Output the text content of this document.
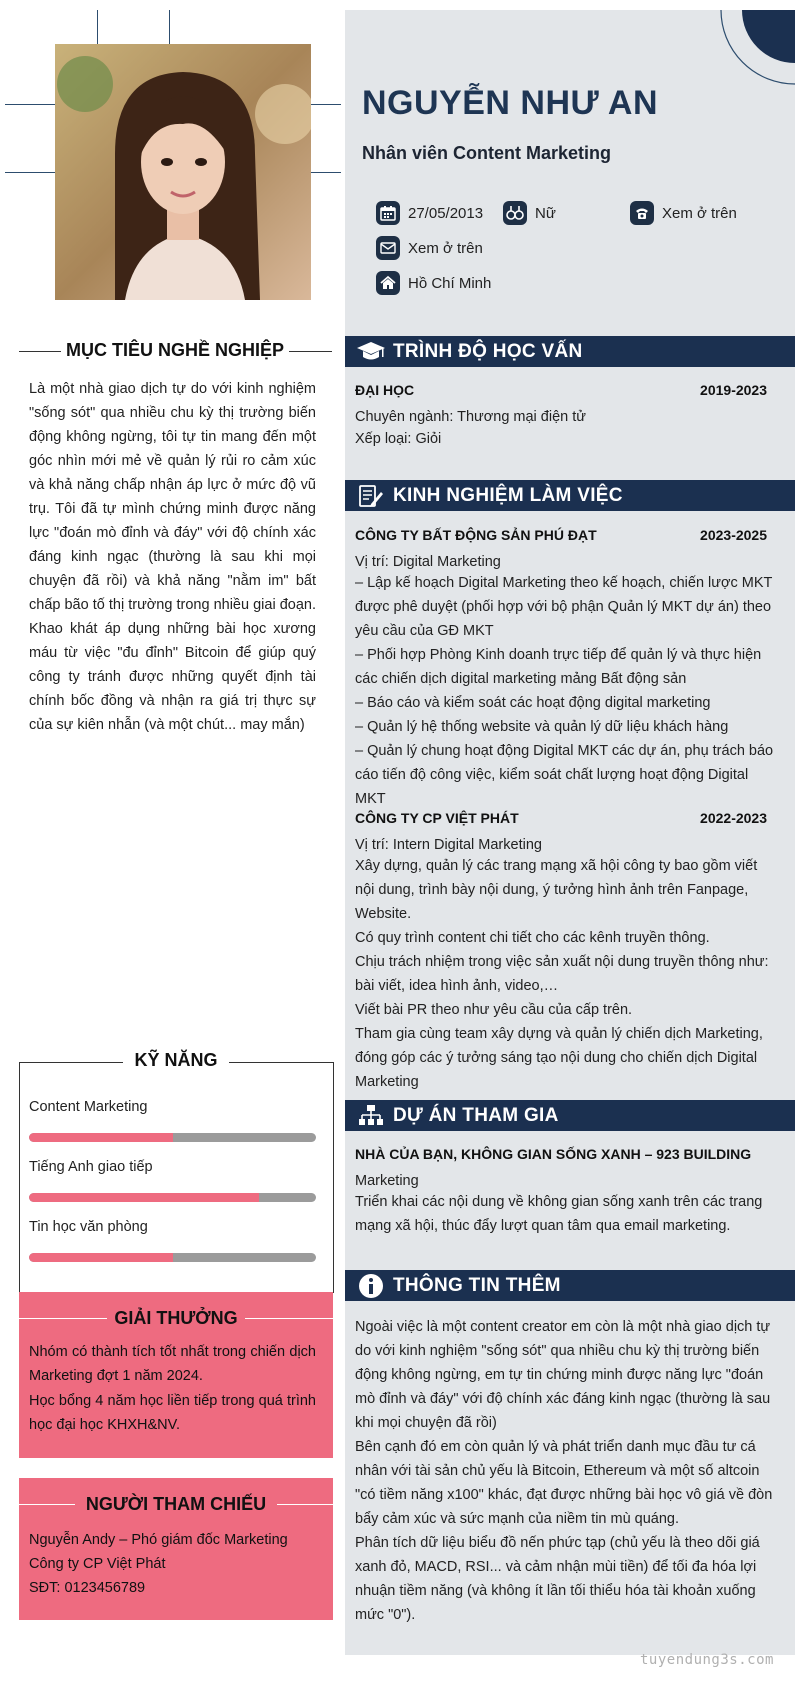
NGUYỄN NHƯ AN
Nhân viên Content Marketing
27/05/2013	Nữ	Xem ở trên
Xem ở trên
Hồ Chí Minh
MỤC TIÊU NGHỀ NGHIỆP
Là một nhà giao dịch tự do với kinh nghiệm "sống sót" qua nhiều chu kỳ thị trường biến động không ngừng, tôi tự tin mang đến một góc nhìn mới mẻ về quản lý rủi ro cảm xúc và khả năng chấp nhận áp lực ở mức độ vũ trụ. Tôi đã tự mình chứng minh được năng lực "đoán mò đỉnh và đáy" với độ chính xác đáng kinh ngạc (thường là sau khi mọi chuyện đã rồi) và khả năng "nằm im" bất chấp bão tố thị trường trong nhiều giai đoạn. Khao khát áp dụng những bài học xương máu từ việc "đu đỉnh" Bitcoin để giúp quý công ty tránh được những quyết định tài chính bốc đồng và nhận ra giá trị thực sự của sự kiên nhẫn (và một chút... may mắn)
KỸ NĂNG
Content Marketing
Tiếng Anh giao tiếp
Tin học văn phòng
GIẢI THƯỞNG
Nhóm có thành tích tốt nhất trong chiến dịch Marketing đợt 1 năm 2024.
Học bổng 4 năm học liền tiếp trong quá trình học đại học KHXH&NV.
NGƯỜI THAM CHIẾU
Nguyễn Andy – Phó giám đốc Marketing
Công ty CP Việt Phát
SĐT: 0123456789
TRÌNH ĐỘ HỌC VẤN
ĐẠI HỌC	2019-2023
Chuyên ngành: Thương mại điện tử
Xếp loại: Giỏi
KINH NGHIỆM LÀM VIỆC
CÔNG TY BẤT ĐỘNG SẢN PHÚ ĐẠT	2023-2025
Vị trí: Digital Marketing
– Lập kế hoạch Digital Marketing theo kế hoạch, chiến lược MKT được phê duyệt (phối hợp với bộ phận Quản lý MKT dự án) theo yêu cầu của GĐ MKT
– Phối hợp Phòng Kinh doanh trực tiếp để quản lý và thực hiện các chiến dịch digital marketing mảng Bất động sản
– Báo cáo và kiểm soát các hoạt động digital marketing
– Quản lý hệ thống website và quản lý dữ liệu khách hàng
– Quản lý chung hoạt động Digital MKT các dự án, phụ trách báo cáo tiến độ công việc, kiểm soát chất lượng hoạt động Digital MKT
CÔNG TY CP VIỆT PHÁT	2022-2023
Vị trí: Intern Digital Marketing
Xây dựng, quản lý các trang mạng xã hội công ty bao gồm viết nội dung, trình bày nội dung, ý tưởng hình ảnh trên Fanpage, Website.
Có quy trình content chi tiết cho các kênh truyền thông.
Chịu trách nhiệm trong việc sản xuất nội dung truyền thông như: bài viết, idea hình ảnh, video,…
Viết bài PR theo như yêu cầu của cấp trên.
Tham gia cùng team xây dựng và quản lý chiến dịch Marketing, đóng góp các ý tưởng sáng tạo nội dung cho chiến dịch Digital Marketing
DỰ ÁN THAM GIA
NHÀ CỦA BẠN, KHÔNG GIAN SỐNG XANH – 923 BUILDING
Marketing
Triển khai các nội dung về không gian sống xanh trên các trang mạng xã hội, thúc đẩy lượt quan tâm qua email marketing.
THÔNG TIN THÊM
Ngoài việc là một content creator em còn là một nhà giao dịch tự do với kinh nghiệm "sống sót" qua nhiều chu kỳ thị trường biến động không ngừng, em tự tin chứng minh được năng lực "đoán mò đỉnh và đáy" với độ chính xác đáng kinh ngạc (thường là sau khi mọi chuyện đã rồi)
Bên cạnh đó em còn quản lý và phát triển danh mục đầu tư cá nhân với tài sản chủ yếu là Bitcoin, Ethereum và một số altcoin "có tiềm năng x100" khác, đạt được những bài học vô giá về đòn bẩy cảm xúc và sức mạnh của niềm tin mù quáng.
Phân tích dữ liệu biểu đồ nến phức tạp (chủ yếu là theo dõi giá xanh đỏ, MACD, RSI... và cảm nhận mùi tiền) để tối đa hóa lợi nhuận tiềm năng (và không ít lần tối thiểu hóa tài khoản xuống mức "0").
tuyendung3s.com
